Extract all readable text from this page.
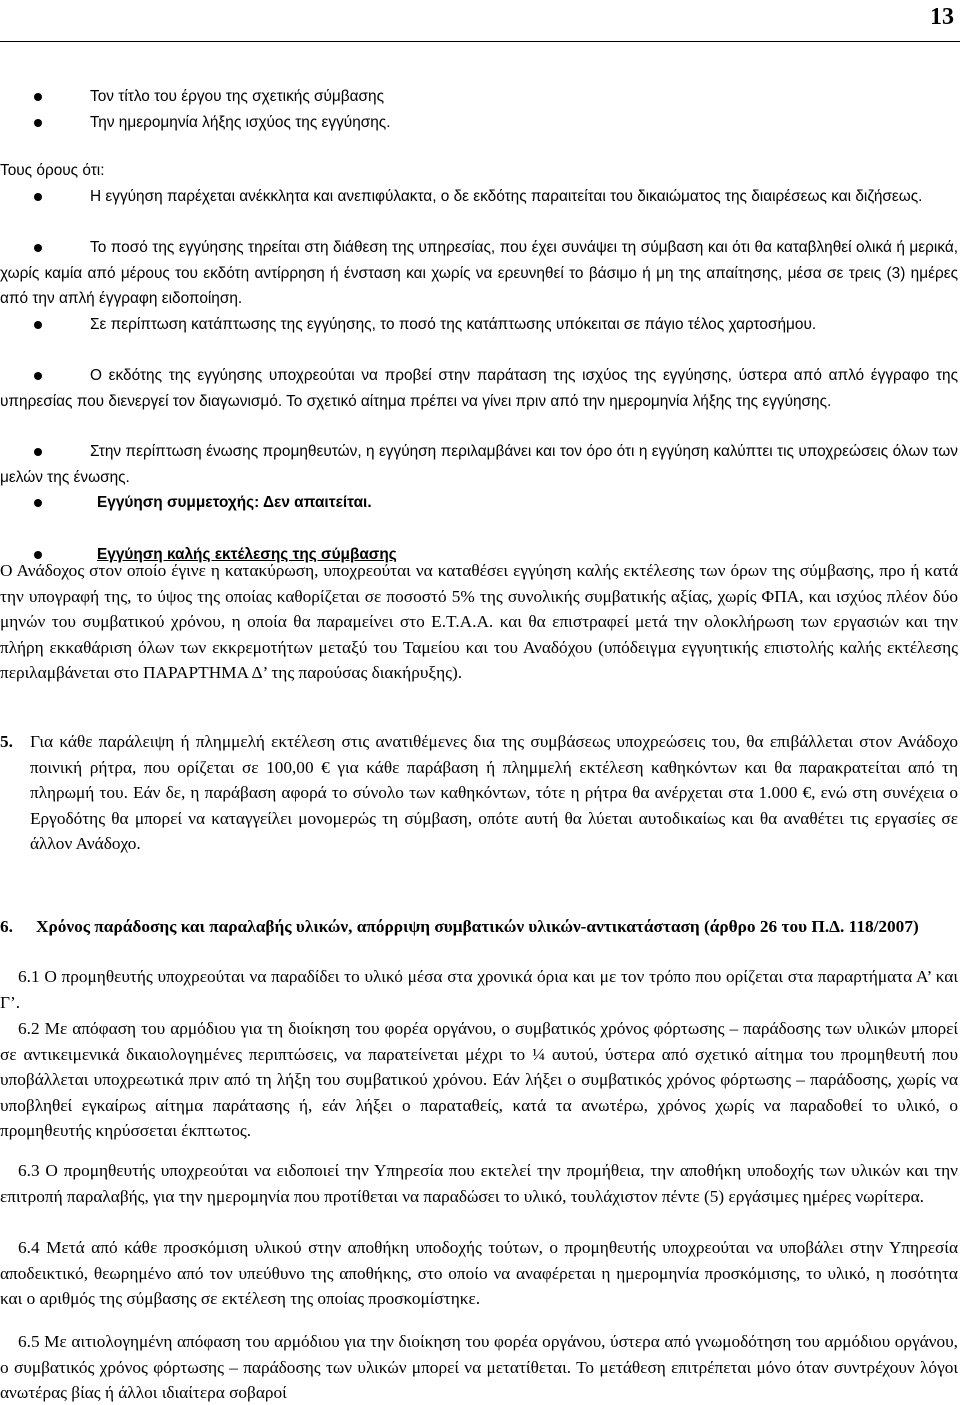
13

Τον τίτλο του έργου της σχετικής σύμβασης

Την ημερομηνία λήξης ισχύος της εγγύησης.

Τους όρους ότι:

Η εγγύηση παρέχεται ανέκκλητα και ανεπιφύλακτα, ο δε εκδότης παραιτείται του δικαιώματος της διαιρέσεως και διζήσεως.

Το ποσό της εγγύησης τηρείται στη διάθεση της υπηρεσίας, που έχει συνάψει τη σύμβαση και ότι θα καταβληθεί ολικά ή μερικά, χωρίς καμία από μέρους του εκδότη αντίρρηση ή ένσταση και χωρίς να ερευνηθεί το βάσιμο ή μη της απαίτησης, μέσα σε τρεις (3) ημέρες από την απλή έγγραφη ειδοποίηση.

Σε περίπτωση κατάπτωσης της εγγύησης, το ποσό της κατάπτωσης υπόκειται σε πάγιο τέλος χαρτοσήμου.

Ο εκδότης της εγγύησης υποχρεούται να προβεί στην παράταση της ισχύος της εγγύησης, ύστερα από απλό έγγραφο της υπηρεσίας που διενεργεί τον διαγωνισμό. Το σχετικό αίτημα πρέπει να γίνει πριν από την ημερομηνία λήξης της εγγύησης.

Στην περίπτωση ένωσης προμηθευτών, η εγγύηση περιλαμβάνει και τον όρο ότι η εγγύηση καλύπτει τις υποχρεώσεις όλων των μελών της ένωσης.

Εγγύηση συμμετοχής: Δεν απαιτείται.

Εγγύηση καλής εκτέλεσης της σύμβασης

Ο Ανάδοχος στον οποίο έγινε η κατακύρωση, υποχρεούται να καταθέσει εγγύηση καλής εκτέλεσης των όρων της σύμβασης, προ ή κατά την υπογραφή της, το ύψος της οποίας καθορίζεται σε ποσοστό 5% της συνολικής συμβατικής αξίας, χωρίς ΦΠΑ, και ισχύος πλέον δύο μηνών του συμβατικού χρόνου, η οποία θα παραμείνει στο Ε.Τ.Α.Α. και θα επιστραφεί μετά την ολοκλήρωση των εργασιών και την πλήρη εκκαθάριση όλων των εκκρεμοτήτων μεταξύ του Ταμείου και του Αναδόχου (υπόδειγμα εγγυητικής επιστολής καλής εκτέλεσης περιλαμβάνεται στο ΠΑΡΑΡΤΗΜΑ Δ’ της παρούσας διακήρυξης).

5. Για κάθε παράλειψη ή πλημμελή εκτέλεση στις ανατιθέμενες δια της συμβάσεως υποχρεώσεις του, θα επιβάλλεται στον Ανάδοχο ποινική ρήτρα, που ορίζεται σε 100,00 € για κάθε παράβαση ή πλημμελή εκτέλεση καθηκόντων και θα παρακρατείται από τη πληρωμή του. Εάν δε, η παράβαση αφορά το σύνολο των καθηκόντων, τότε η ρήτρα θα ανέρχεται στα 1.000 €, ενώ στη συνέχεια ο Εργοδότης θα μπορεί να καταγγείλει μονομερώς τη σύμβαση, οπότε αυτή θα λύεται αυτοδικαίως και θα αναθέτει τις εργασίες σε άλλον Ανάδοχο.

6. Χρόνος παράδοσης και παραλαβής υλικών, απόρριψη συμβατικών υλικών-αντικατάσταση (άρθρο 26 του Π.Δ. 118/2007)

6.1 Ο προμηθευτής υποχρεούται να παραδίδει το υλικό μέσα στα χρονικά όρια και με τον τρόπο που ορίζεται στα παραρτήματα Α’ και Γ’.

6.2 Με απόφαση του αρμόδιου για τη διοίκηση του φορέα οργάνου, ο συμβατικός χρόνος φόρτωσης – παράδοσης των υλικών μπορεί σε αντικειμενικά δικαιολογημένες περιπτώσεις, να παρατείνεται μέχρι το ¼ αυτού, ύστερα από σχετικό αίτημα του προμηθευτή που υποβάλλεται υποχρεωτικά πριν από τη λήξη του συμβατικού χρόνου. Εάν λήξει ο συμβατικός χρόνος φόρτωσης – παράδοσης, χωρίς να υποβληθεί εγκαίρως αίτημα παράτασης ή, εάν λήξει ο παραταθείς, κατά τα ανωτέρω, χρόνος χωρίς να παραδοθεί το υλικό, ο προμηθευτής κηρύσσεται έκπτωτος.

6.3 Ο προμηθευτής υποχρεούται να ειδοποιεί την Υπηρεσία που εκτελεί την προμήθεια, την αποθήκη υποδοχής των υλικών και την επιτροπή παραλαβής, για την ημερομηνία που προτίθεται να παραδώσει το υλικό, τουλάχιστον πέντε (5) εργάσιμες ημέρες νωρίτερα.

6.4 Μετά από κάθε προσκόμιση υλικού στην αποθήκη υποδοχής τούτων, ο προμηθευτής υποχρεούται να υποβάλει στην Υπηρεσία αποδεικτικό, θεωρημένο από τον υπεύθυνο της αποθήκης, στο οποίο να αναφέρεται η ημερομηνία προσκόμισης, το υλικό, η ποσότητα και ο αριθμός της σύμβασης σε εκτέλεση της οποίας προσκομίστηκε.

6.5 Με αιτιολογημένη απόφαση του αρμόδιου για την διοίκηση του φορέα οργάνου, ύστερα από γνωμοδότηση του αρμόδιου οργάνου, ο συμβατικός χρόνος φόρτωσης – παράδοσης των υλικών μπορεί να μετατίθεται. Το μετάθεση επιτρέπεται μόνο όταν συντρέχουν λόγοι ανωτέρας βίας ή άλλοι ιδιαίτερα σοβαροί
